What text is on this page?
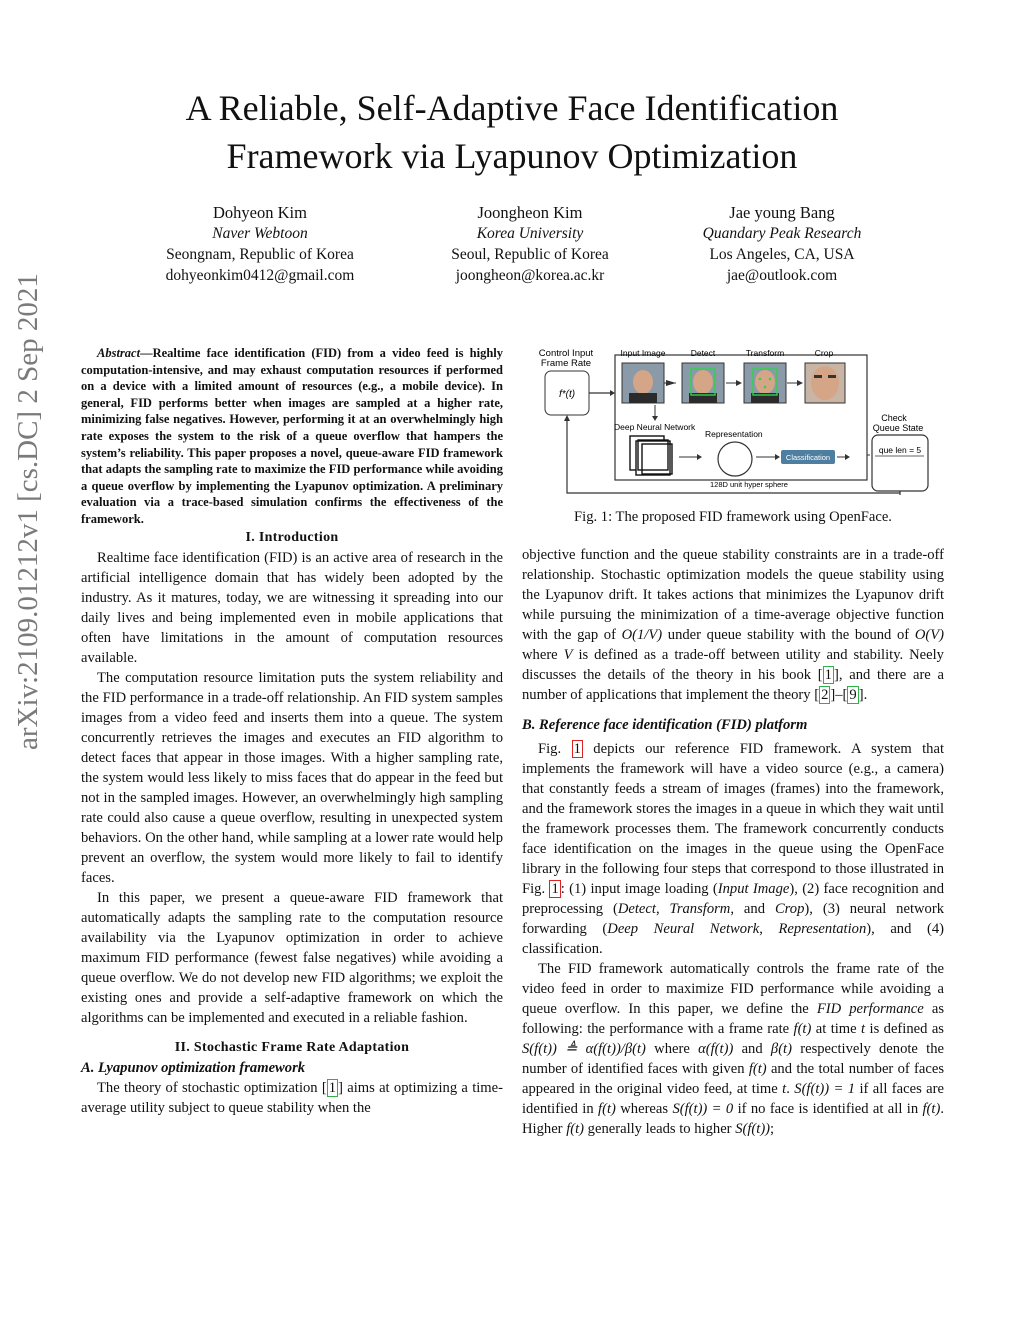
A Reliable, Self-Adaptive Face Identification
Framework via Lyapunov Optimization
Dohyeon Kim
Naver Webtoon
Seongnam, Republic of Korea
dohyeonkim0412@gmail.com
Joongheon Kim
Korea University
Seoul, Republic of Korea
joongheon@korea.ac.kr
Jae young Bang
Quandary Peak Research
Los Angeles, CA, USA
jae@outlook.com
arXiv:2109.01212v1 [cs.DC] 2 Sep 2021	Abstract—Realtime face identification (FID) from a video feed is highly computation-intensive, and may exhaust computation resources if performed on a device with a limited amount of resources (e.g., a mobile device). In general, FID performs better when images are sampled at a higher rate, minimizing false negatives. However, performing it at an overwhelmingly high rate exposes the system to the risk of a queue overflow that hampers the system’s reliability. This paper proposes a novel, queue-aware FID framework that adapts the sampling rate to maximize the FID performance while avoiding a queue overflow by implementing the Lyapunov optimization. A preliminary evaluation via a trace-based simulation confirms the effectiveness of the framework.

I. Introduction

Realtime face identification (FID) is an active area of research in the artificial intelligence domain that has widely been adopted by the industry. As it matures, today, we are witnessing it spreading into our daily lives and being implemented even in mobile applications that often have limitations in the amount of computation resources available.

The computation resource limitation puts the system reliability and the FID performance in a trade-off relationship. An FID system samples images from a video feed and inserts them into a queue. The system concurrently retrieves the images and executes an FID algorithm to detect faces that appear in those images. With a higher sampling rate, the system would less likely to miss faces that do appear in the feed but not in the sampled images. However, an overwhelmingly high sampling rate could also cause a queue overflow, resulting in unexpected system behaviors. On the other hand, while sampling at a lower rate would help prevent an overflow, the system would more likely to fail to identify faces.

In this paper, we present a queue-aware FID framework that automatically adapts the sampling rate to the computation resource availability via the Lyapunov optimization in order to achieve maximum FID performance (fewest false negatives) while avoiding a queue overflow. We do not develop new FID algorithms; we exploit the existing ones and provide a self-adaptive framework on which the algorithms can be implemented and executed in a reliable fashion.

II. Stochastic Frame Rate Adaptation
A. Lyapunov optimization framework

The theory of stochastic optimization [ 1 ] aims at optimizing a time-average utility subject to queue stability when the

Control Input
Frame Rate
f*(t)
Input Image	Detect	Transform	Crop
Deep Neural Network
Representation
Classification
128D unit hyper sphere
Check
Queue State
que len = 5
Fig. 1: The proposed FID framework using OpenFace.

objective function and the queue stability constraints are in a trade-off relationship. Stochastic optimization models the queue stability using the Lyapunov drift. It takes actions that minimizes the Lyapunov drift while pursuing the minimization of a time-average objective function with the gap of O(1/V) under queue stability with the bound of O(V) where V is defined as a trade-off between utility and stability. Neely discusses the details of the theory in his book [ 1 ], and there are a number of applications that implement the theory [ 2 ]–[ 9 ].

B. Reference face identification (FID) platform

Fig. 1 depicts our reference FID framework. A system that implements the framework will have a video source (e.g., a camera) that constantly feeds a stream of images (frames) into the framework, and the framework stores the images in a queue in which they wait until the framework processes them. The framework concurrently conducts face identification on the images in the queue using the OpenFace library in the following four steps that correspond to those illustrated in Fig. 1 : (1) input image loading (Input Image), (2) face recognition and preprocessing (Detect, Transform, and Crop), (3) neural network forwarding (Deep Neural Network, Representation), and (4) classification.

The FID framework automatically controls the frame rate of the video feed in order to maximize FID performance while avoiding a queue overflow. In this paper, we define the FID performance as following: the performance with a frame rate f(t) at time t is defined as S(f(t)) ≜ α(f(t))/β(t) where α(f(t)) and β(t) respectively denote the number of identified faces with given f(t) and the total number of faces appeared in the original video feed, at time t. S(f(t)) = 1 if all faces are identified in f(t) whereas S(f(t)) = 0 if no face is identified at all in f(t). Higher f(t) generally leads to higher S(f(t));
